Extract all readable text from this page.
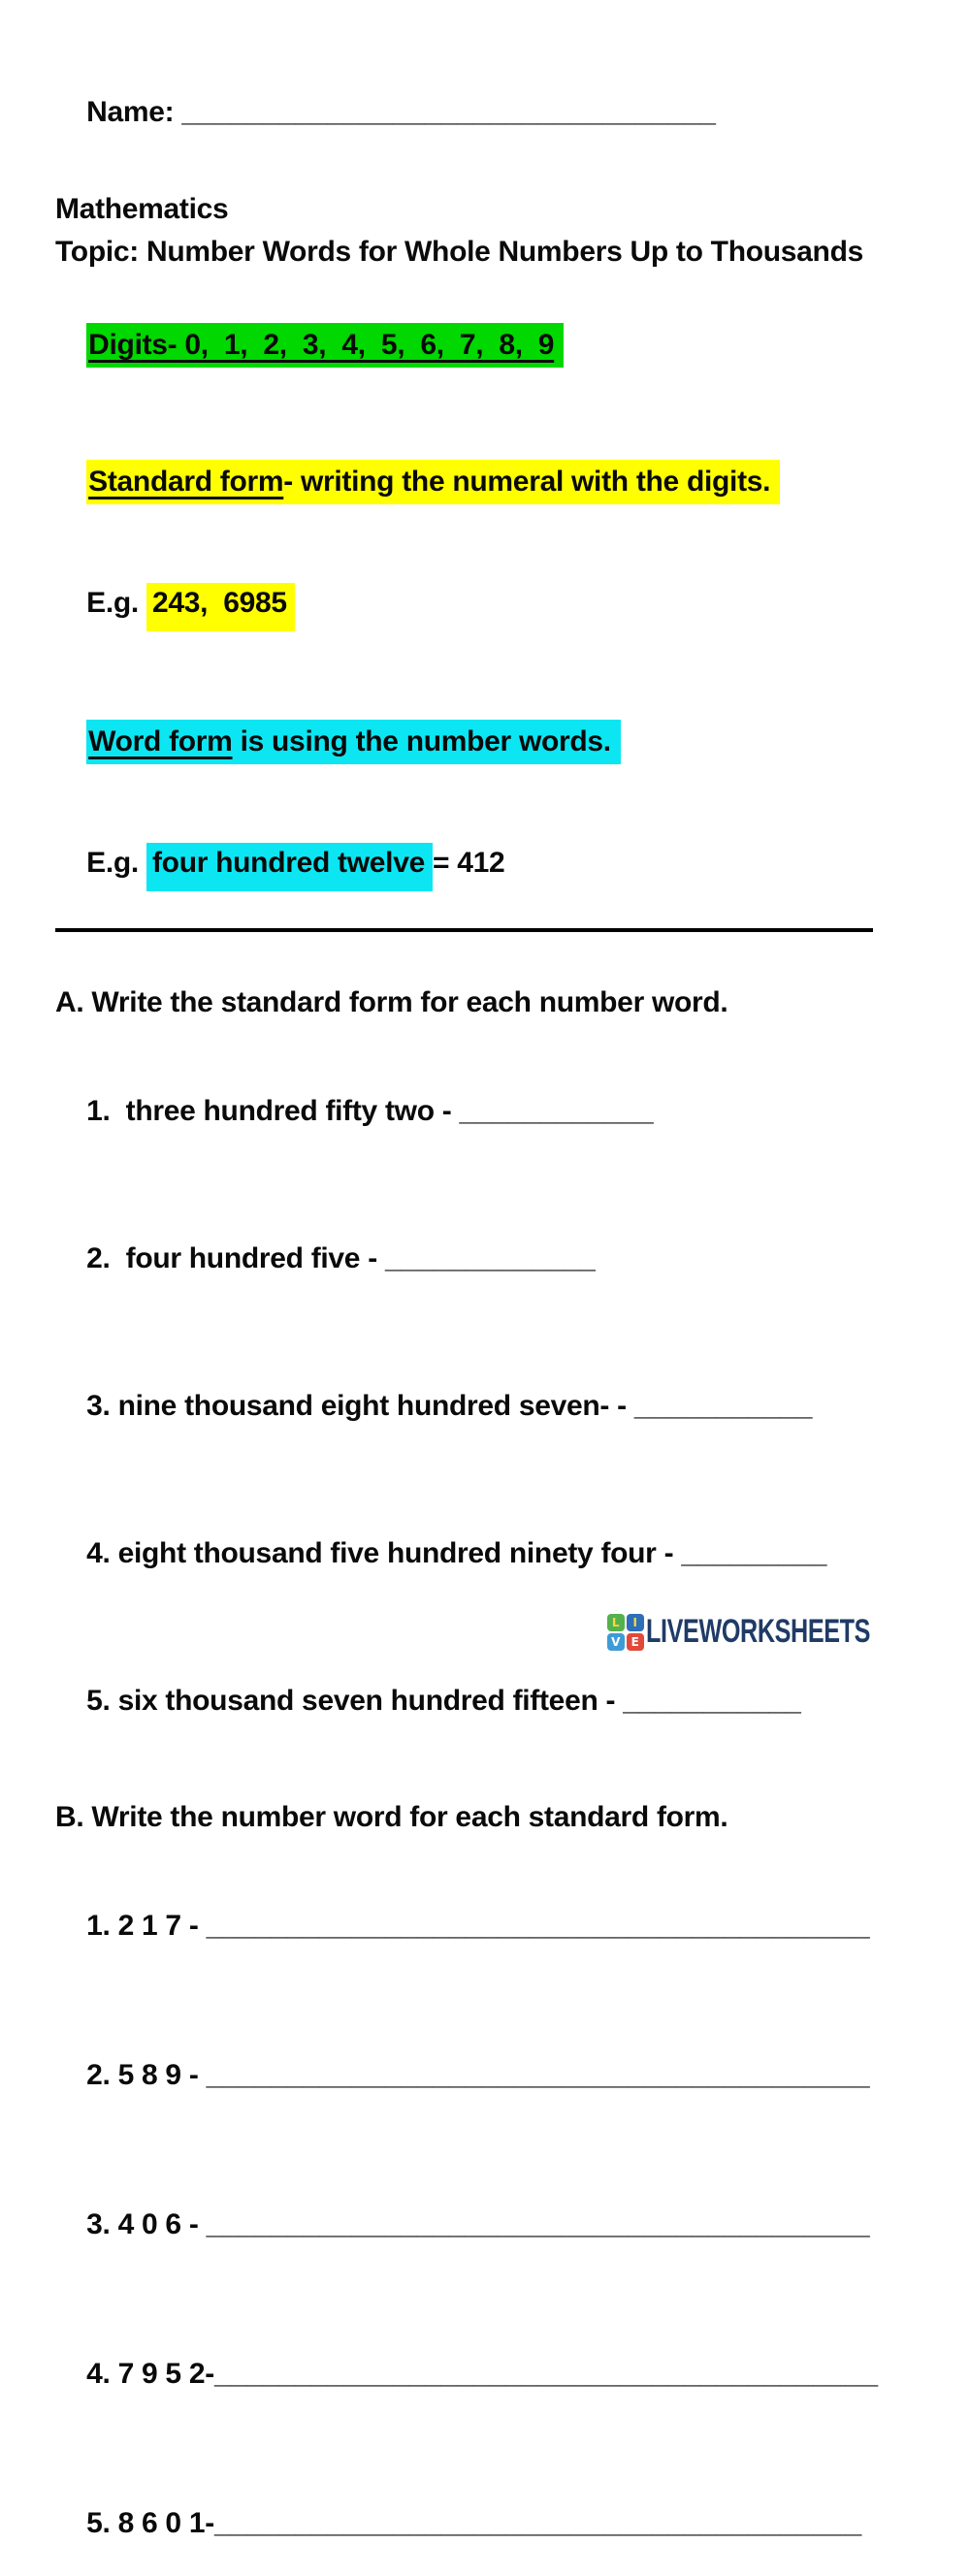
Name: _________________________________

Mathematics
Topic: Number Words for Whole Numbers Up to Thousands

Digits- 0,  1,  2,  3,  4,  5,  6,  7,  8,  9

Standard form- writing the numeral with the digits.

E.g. 243,  6985

Word form is using the number words.

E.g. four hundred twelve = 412

A. Write the standard form for each number word.

1.  three hundred fifty two - ____________

2.  four hundred five - _____________

3. nine thousand eight hundred seven- - ___________

4. eight thousand five hundred ninety four - _________

5. six thousand seven hundred fifteen - ___________

B. Write the number word for each standard form.

1. 2 1 7 - _________________________________________

2. 5 8 9 - _________________________________________

3. 4 0 6 - _________________________________________

4. 7 9 5 2-_________________________________________

5. 8 6 0 1-________________________________________

L	I
V E LIVEWORKSHEETS
